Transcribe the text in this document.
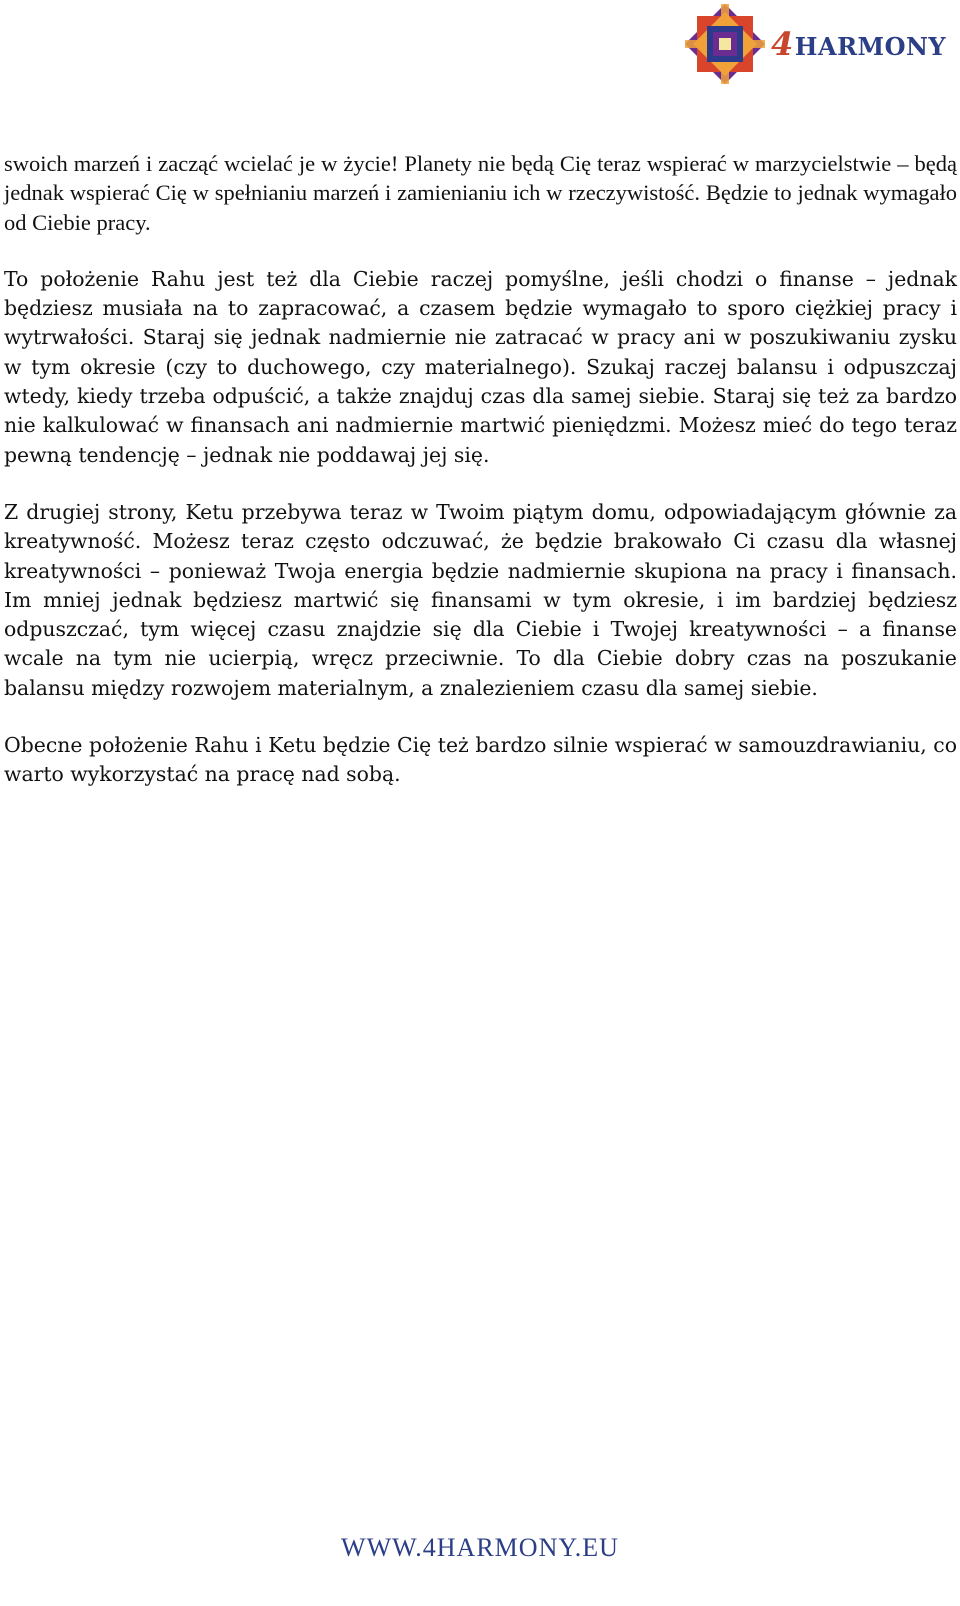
4HARMONY

swoich marzeń i zacząć wcielać je w życie! Planety nie będą Cię teraz wspierać w marzycielstwie – będą jednak wspierać Cię w spełnianiu marzeń i zamienianiu ich w rzeczywistość. Będzie to jednak wymagało od Ciebie pracy.

To położenie Rahu jest też dla Ciebie raczej pomyślne, jeśli chodzi o finanse – jednak będziesz musiała na to zapracować, a czasem będzie wymagało to sporo ciężkiej pracy i wytrwałości. Staraj się jednak nadmiernie nie zatracać w pracy ani w poszukiwaniu zysku w tym okresie (czy to duchowego, czy materialnego). Szukaj raczej balansu i odpuszczaj wtedy, kiedy trzeba odpuścić, a także znajduj czas dla samej siebie. Staraj się też za bardzo nie kalkulować w finansach ani nadmiernie martwić pieniędzmi. Możesz mieć do tego teraz pewną tendencję – jednak nie poddawaj jej się.

Z drugiej strony, Ketu przebywa teraz w Twoim piątym domu, odpowiadającym głównie za kreatywność. Możesz teraz często odczuwać, że będzie brakowało Ci czasu dla własnej kreatywności – ponieważ Twoja energia będzie nadmiernie skupiona na pracy i finansach. Im mniej jednak będziesz martwić się finansami w tym okresie, i im bardziej będziesz odpuszczać, tym więcej czasu znajdzie się dla Ciebie i Twojej kreatywności – a finanse wcale na tym nie ucierpią, wręcz przeciwnie. To dla Ciebie dobry czas na poszukanie balansu między rozwojem materialnym, a znalezieniem czasu dla samej siebie.

Obecne położenie Rahu i Ketu będzie Cię też bardzo silnie wspierać w samouzdrawianiu, co warto wykorzystać na pracę nad sobą.

WWW.4HARMONY.EU
